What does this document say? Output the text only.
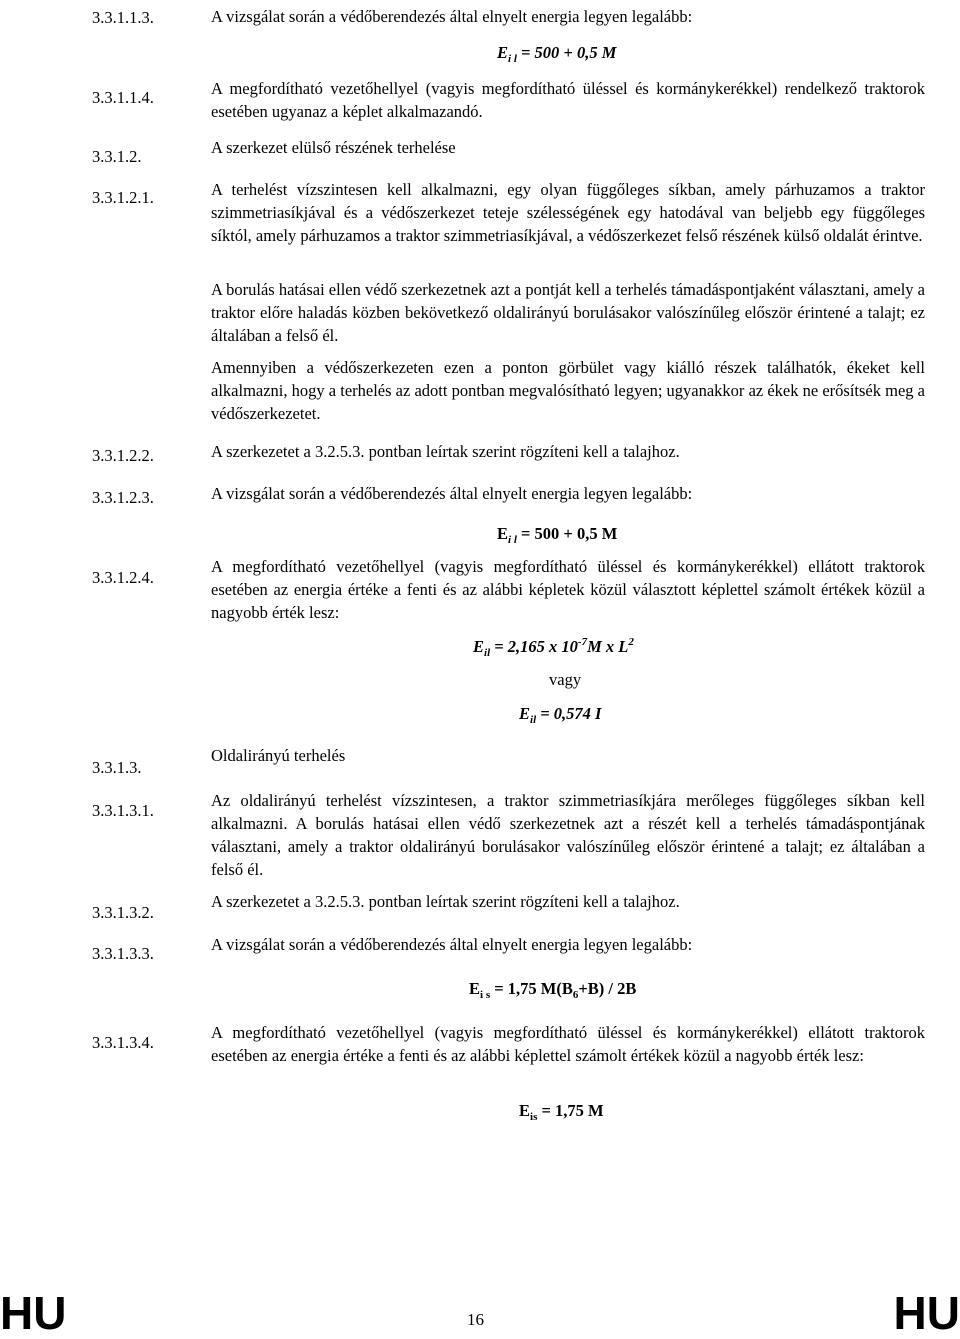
3.3.1.1.3.
3.3.1.1.4.
3.3.1.2.
3.3.1.2.1.
3.3.1.2.2.
3.3.1.2.3.
3.3.1.2.4.
3.3.1.3.
3.3.1.3.1.
3.3.1.3.2.
3.3.1.3.3.
3.3.1.3.4.
A vizsgálat során a védőberendezés által elnyelt energia legyen legalább:
$E_{i l} = 500 + 0,5$ M
A megfordítható vezetőhellyel (vagyis megfordítható üléssel és kormánykerékkel) rendelkező traktorok esetében ugyanaz a képlet alkalmazandó.
A szerkezet elülső részének terhelése
A terhelést vízszintesen kell alkalmazni, egy olyan függőleges síkban, amely párhuzamos a traktor szimmetriasíkjával és a védőszerkezet teteje szélességének egy hatodával van beljebb egy függőleges síktól, amely párhuzamos a traktor szimmetriasíkjával, a védőszerkezet felső részének külső oldalát érintve.
A borulás hatásai ellen védő szerkezetnek azt a pontját kell a terhelés támadáspontjaként választani, amely a traktor előre haladás közben bekövetkező oldalirányú borulásakor valószínűleg először érintené a talajt; ez általában a felső él.
Amennyiben a védőszerkezeten ezen a ponton görbület vagy kiálló részek találhatók, ékeket kell alkalmazni, hogy a terhelés az adott pontban megvalósítható legyen; ugyanakkor az ékek ne erősítsék meg a védőszerkezetet.
A szerkezetet a 3.2.5.3. pontban leírtak szerint rögzíteni kell a talajhoz.
A vizsgálat során a védőberendezés által elnyelt energia legyen legalább:
$E_{i l} = 500 + 0,5$ M
A megfordítható vezetőhellyel (vagyis megfordítható üléssel és kormánykerékkel) ellátott traktorok esetében az energia értéke a fenti és az alábbi képletek közül választott képlettel számolt értékek közül a nagyobb érték lesz:
$E_{il} = 2,165$ x $10^{-7}M$ x $L^2$
vagy
$E_{il} = 0,574$ I
Oldalirányú terhelés
Az oldalirányú terhelést vízszintesen, a traktor szimmetriasíkjára merőleges függőleges síkban kell alkalmazni. A borulás hatásai ellen védő szerkezetnek azt a részét kell a terhelés támadáspontjának választani, amely a traktor oldalirányú borulásakor valószínűleg először érintené a talajt; ez általában a felső él.
A szerkezetet a 3.2.5.3. pontban leírtak szerint rögzíteni kell a talajhoz.
A vizsgálat során a védőberendezés által elnyelt energia legyen legalább:
$E_{i s} = 1,75$ $M(B_6+B) / 2B$
A megfordítható vezetőhellyel (vagyis megfordítható üléssel és kormánykerékkel) ellátott traktorok esetében az energia értéke a fenti és az alábbi képlettel számolt értékek közül a nagyobb érték lesz:
$E_{is} = 1,75$ M
HU	16	HU
